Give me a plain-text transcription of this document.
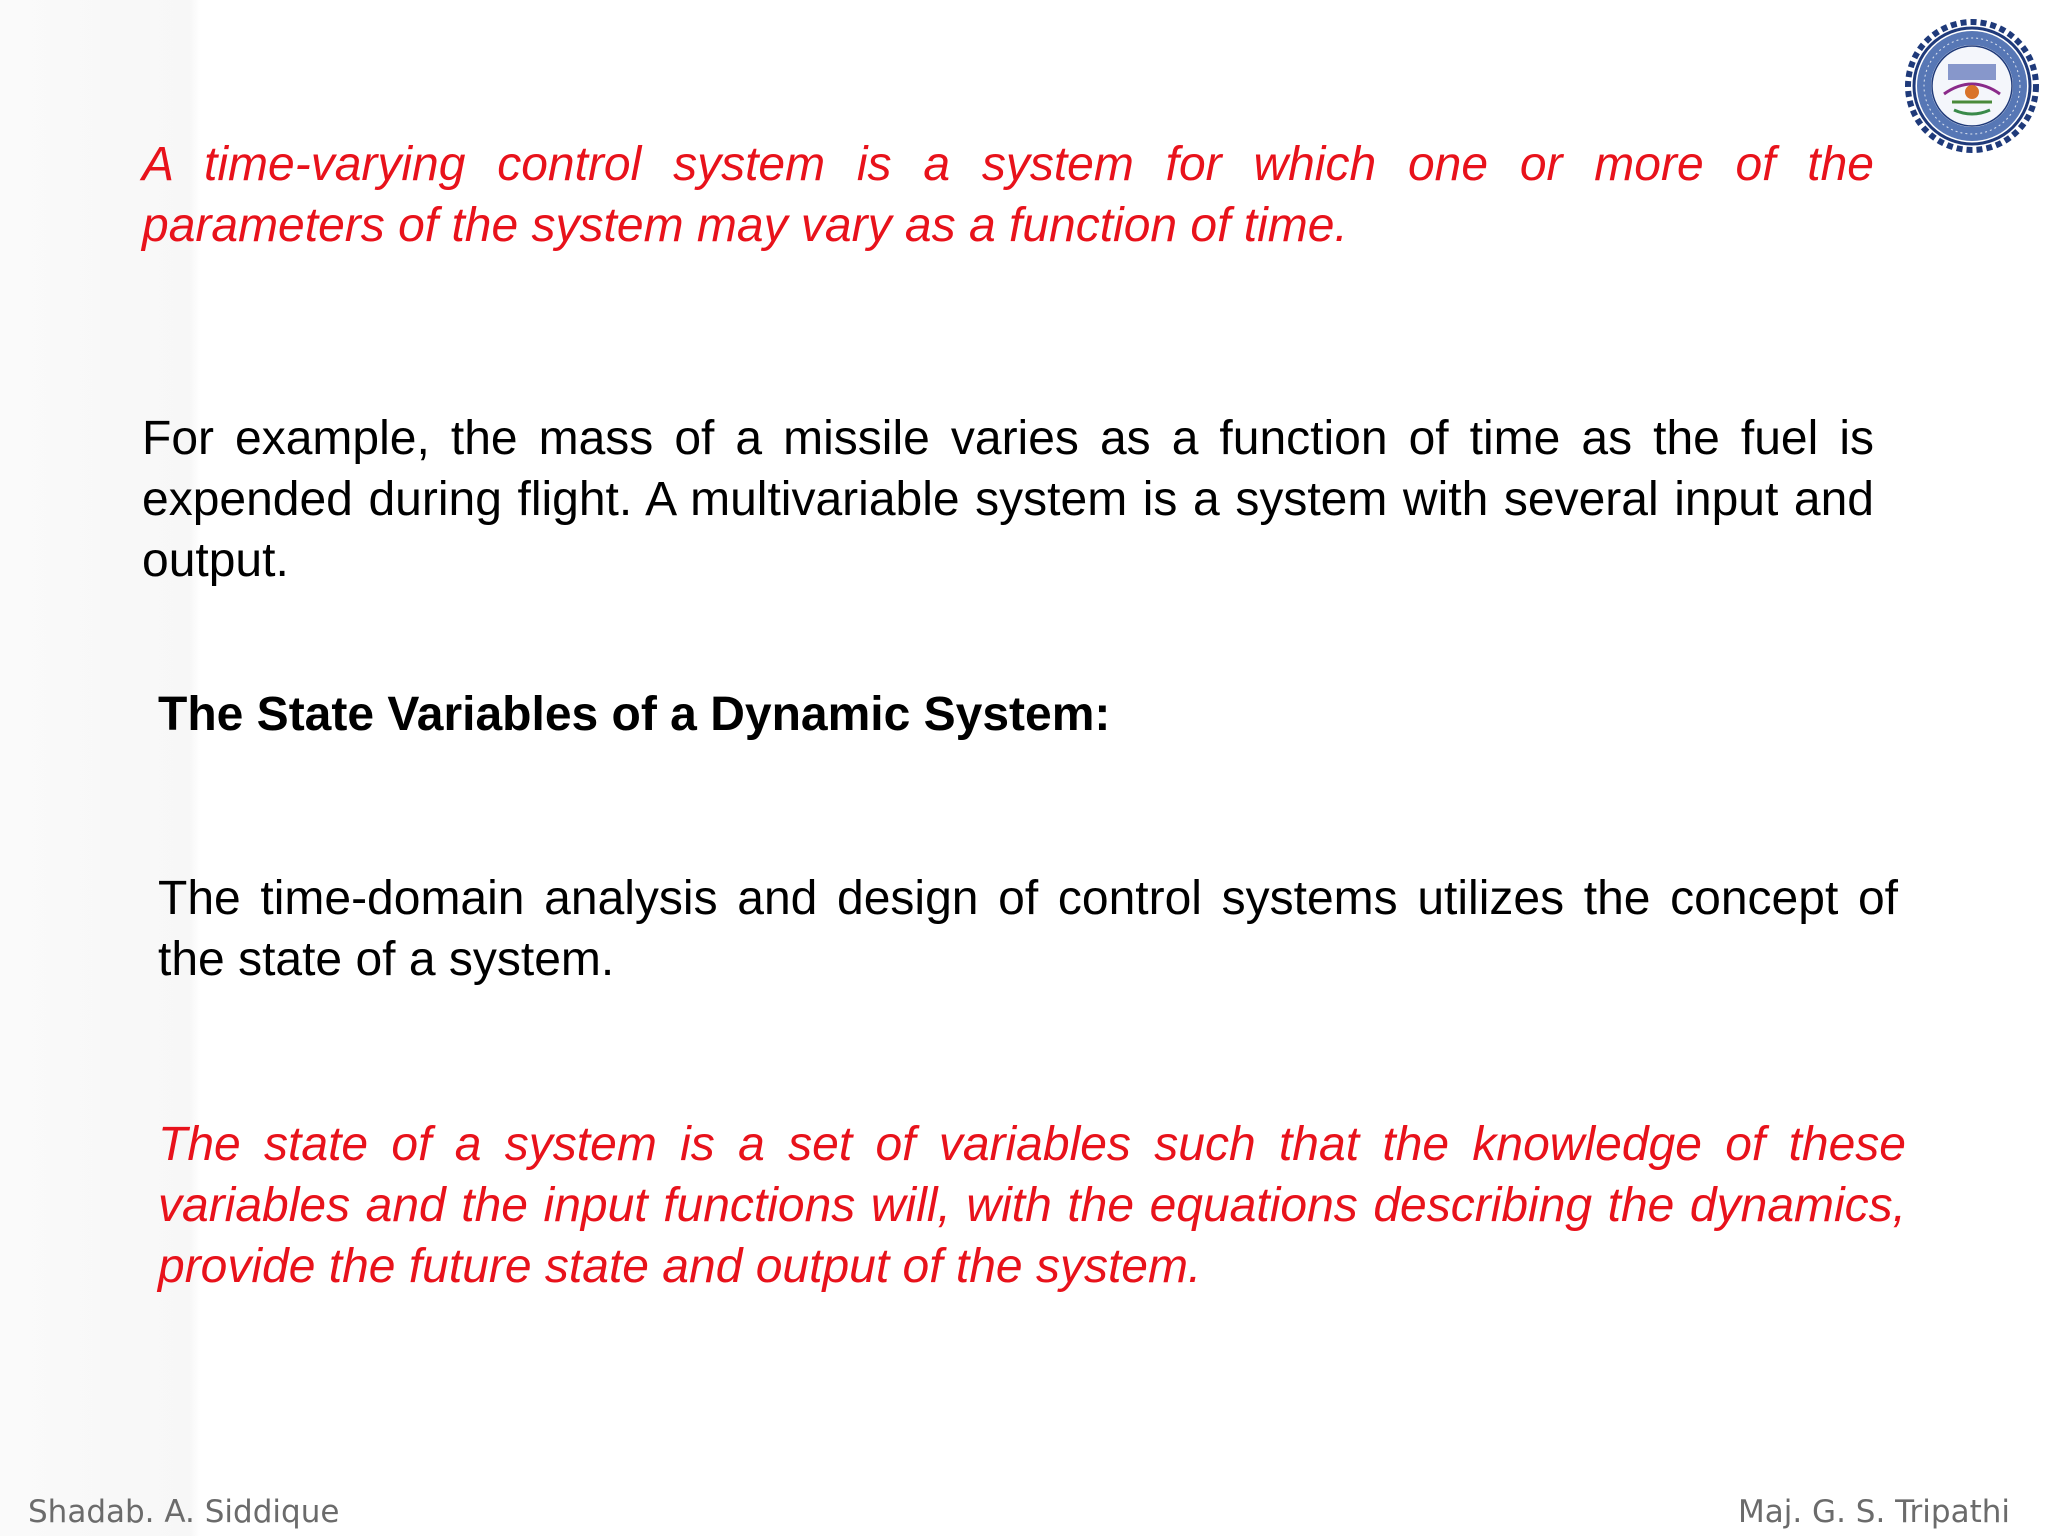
A time-varying control system is a system for which one or more of the parameters of the system may vary as a function of time.

For example, the mass of a missile varies as a function of time as the fuel is expended during flight. A multivariable system is a system with several input and output.

The State Variables of a Dynamic System:

The time-domain analysis and design of control systems utilizes the concept of the state of a system.

The state of a system is a set of variables such that the knowledge of these variables and the input functions will, with the equations describing the dynamics, provide the future state and output of the system.

Shadab. A. Siddique	Maj. G. S. Tripathi
